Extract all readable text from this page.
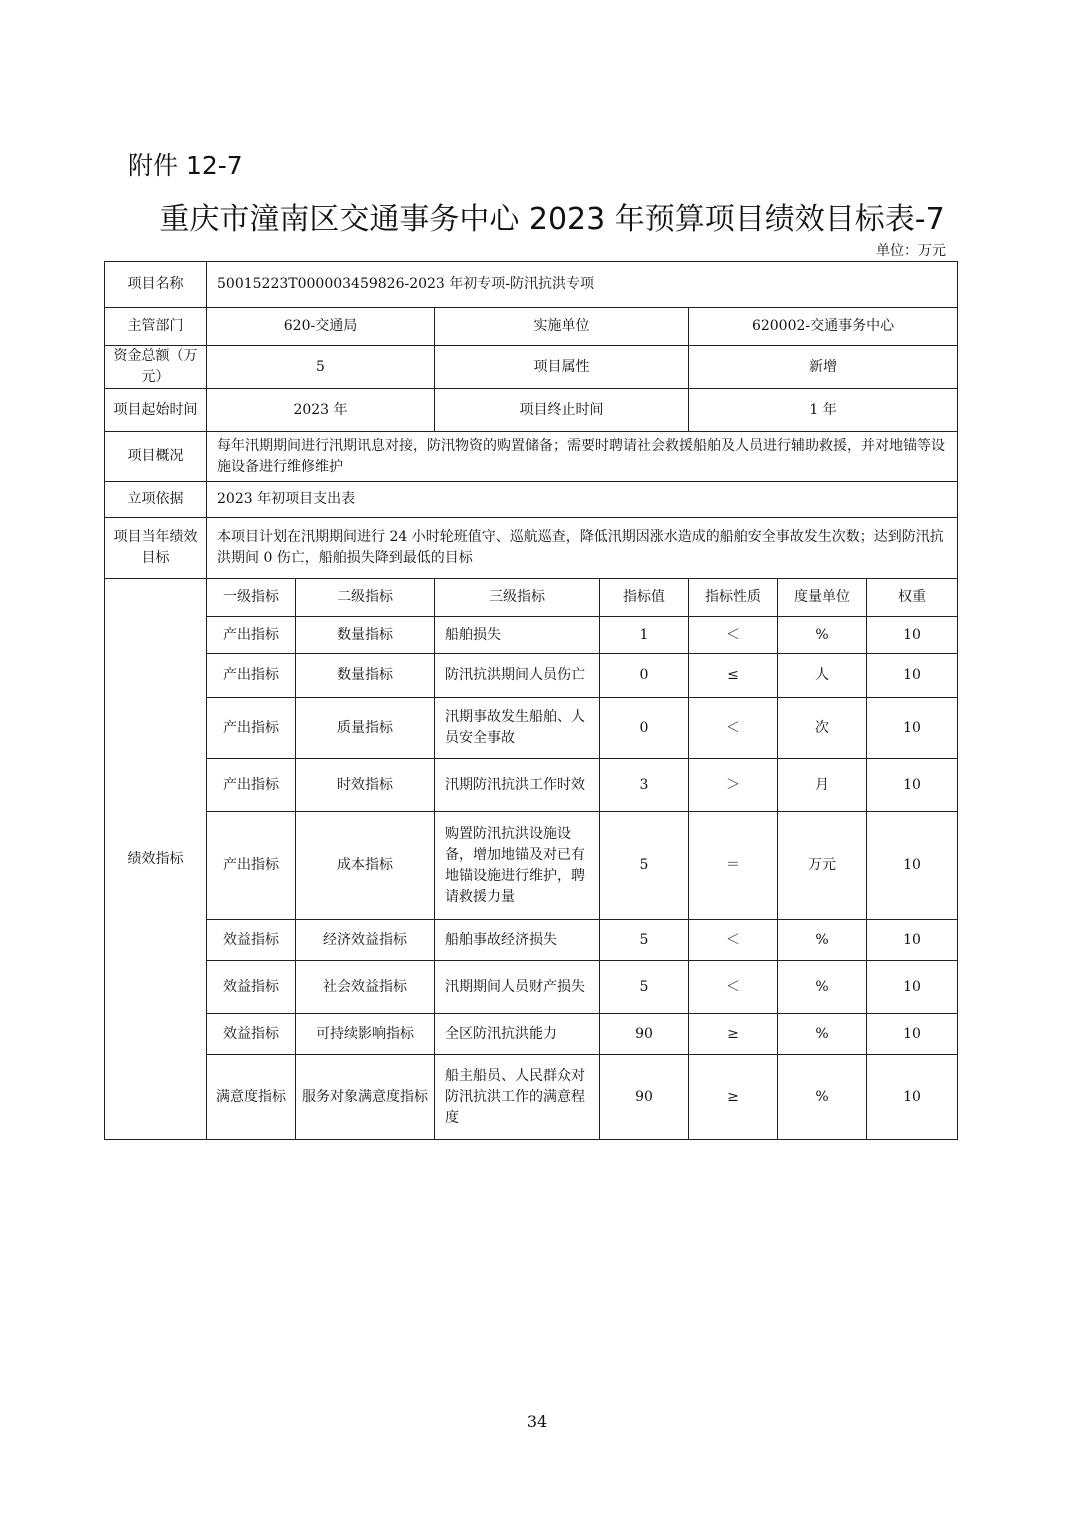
附件 12-7
重庆市潼南区交通事务中心 2023 年预算项目绩效目标表-7
单位：万元
项目名称	50015223T000003459826-2023 年初专项-防汛抗洪专项						
主管部门	620-交通局		实施单位		620002-交通事务中心		
资金总额（万元）	5		项目属性		新增		
项目起始时间	2023 年		项目终止时间		1 年		
项目概况	每年汛期期间进行汛期讯息对接，防汛物资的购置储备；需要时聘请社会救援船舶及人员进行辅助救援，并对地锚等设施设备进行维修维护						
立项依据	2023 年初项目支出表						
项目当年绩效目标	本项目计划在汛期期间进行 24 小时轮班值守、巡航巡查，降低汛期因涨水造成的船舶安全事故发生次数；达到防汛抗洪期间 0 伤亡，船舶损失降到最低的目标						
绩效指标	一级指标	二级指标	三级指标	指标值	指标性质	度量单位	权重
	产出指标	数量指标	船舶损失	1	＜	%	10
	产出指标	数量指标	防汛抗洪期间人员伤亡	0	≤	人	10
	产出指标	质量指标	汛期事故发生船舶、人员安全事故	0	＜	次	10
	产出指标	时效指标	汛期防汛抗洪工作时效	3	＞	月	10
	产出指标	成本指标	购置防汛抗洪设施设备，增加地锚及对已有地锚设施进行维护，聘请救援力量	5	＝	万元	10
	效益指标	经济效益指标	船舶事故经济损失	5	＜	%	10
	效益指标	社会效益指标	汛期期间人员财产损失	5	＜	%	10
	效益指标	可持续影响指标	全区防汛抗洪能力	90	≥	%	10
	满意度指标	服务对象满意度指标	船主船员、人民群众对防汛抗洪工作的满意程度	90	≥	%	10
34
